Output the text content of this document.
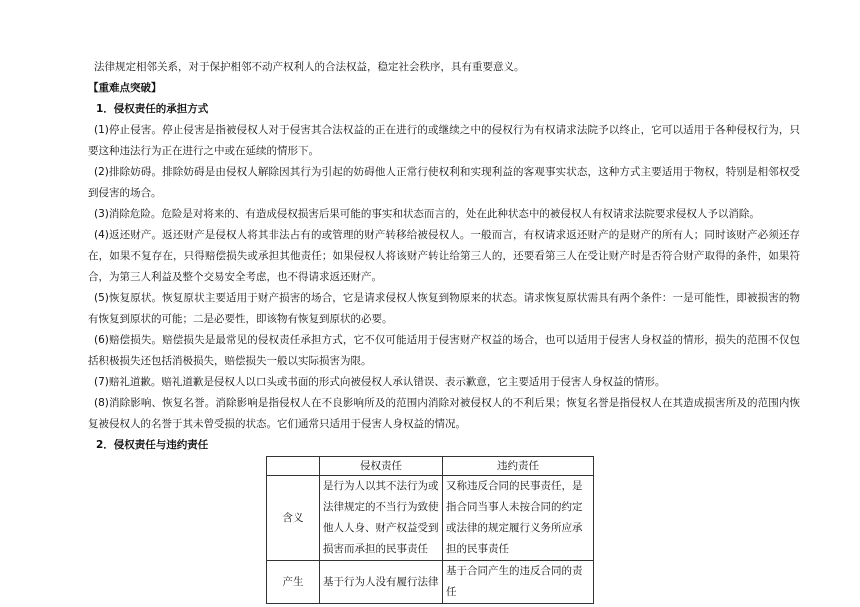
法律规定相邻关系，对于保护相邻不动产权利人的合法权益，稳定社会秩序，具有重要意义。

【重难点突破】

1．侵权责任的承担方式

(1)停止侵害。停止侵害是指被侵权人对于侵害其合法权益的正在进行的或继续之中的侵权行为有权请求法院予以终止，它可以适用于各种侵权行为，只要这种违法行为正在进行之中或在延续的情形下。

(2)排除妨碍。排除妨碍是由侵权人解除因其行为引起的妨碍他人正常行使权利和实现利益的客观事实状态，这种方式主要适用于物权，特别是相邻权受到侵害的场合。

(3)消除危险。危险是对将来的、有造成侵权损害后果可能的事实和状态而言的，处在此种状态中的被侵权人有权请求法院要求侵权人予以消除。

(4)返还财产。返还财产是侵权人将其非法占有的或管理的财产转移给被侵权人。一般而言，有权请求返还财产的是财产的所有人；同时该财产必须还存在，如果不复存在，只得赔偿损失或承担其他责任；如果侵权人将该财产转让给第三人的，还要看第三人在受让财产时是否符合财产取得的条件，如果符合，为第三人利益及整个交易安全考虑，也不得请求返还财产。

(5)恢复原状。恢复原状主要适用于财产损害的场合，它是请求侵权人恢复到物原来的状态。请求恢复原状需具有两个条件：一是可能性，即被损害的物有恢复到原状的可能；二是必要性，即该物有恢复到原状的必要。

(6)赔偿损失。赔偿损失是最常见的侵权责任承担方式，它不仅可能适用于侵害财产权益的场合，也可以适用于侵害人身权益的情形，损失的范围不仅包括积极损失还包括消极损失，赔偿损失一般以实际损害为限。

(7)赔礼道歉。赔礼道歉是侵权人以口头或书面的形式向被侵权人承认错误、表示歉意，它主要适用于侵害人身权益的情形。

2．侵权责任与违约责任

	侵权责任	违约责任
含义	是行为人以其不法行为或法律规定的不当行为致使他人人身、财产权益受到损害而承担的民事责任	又称违反合同的民事责任，是指合同当事人未按合同的约定或法律的规定履行义务所应承担的民事责任
产生	基于行为人没有履行法律	基于合同产生的违反合同的责任

(8)消除影响、恢复名誉。消除影响是指侵权人在不良影响所及的范围内消除对被侵权人的不利后果；恢复名誉是指侵权人在其造成损害所及的范围内恢复被侵权人的名誉于其未曾受损的状态。它们通常只适用于侵害人身权益的情况。
